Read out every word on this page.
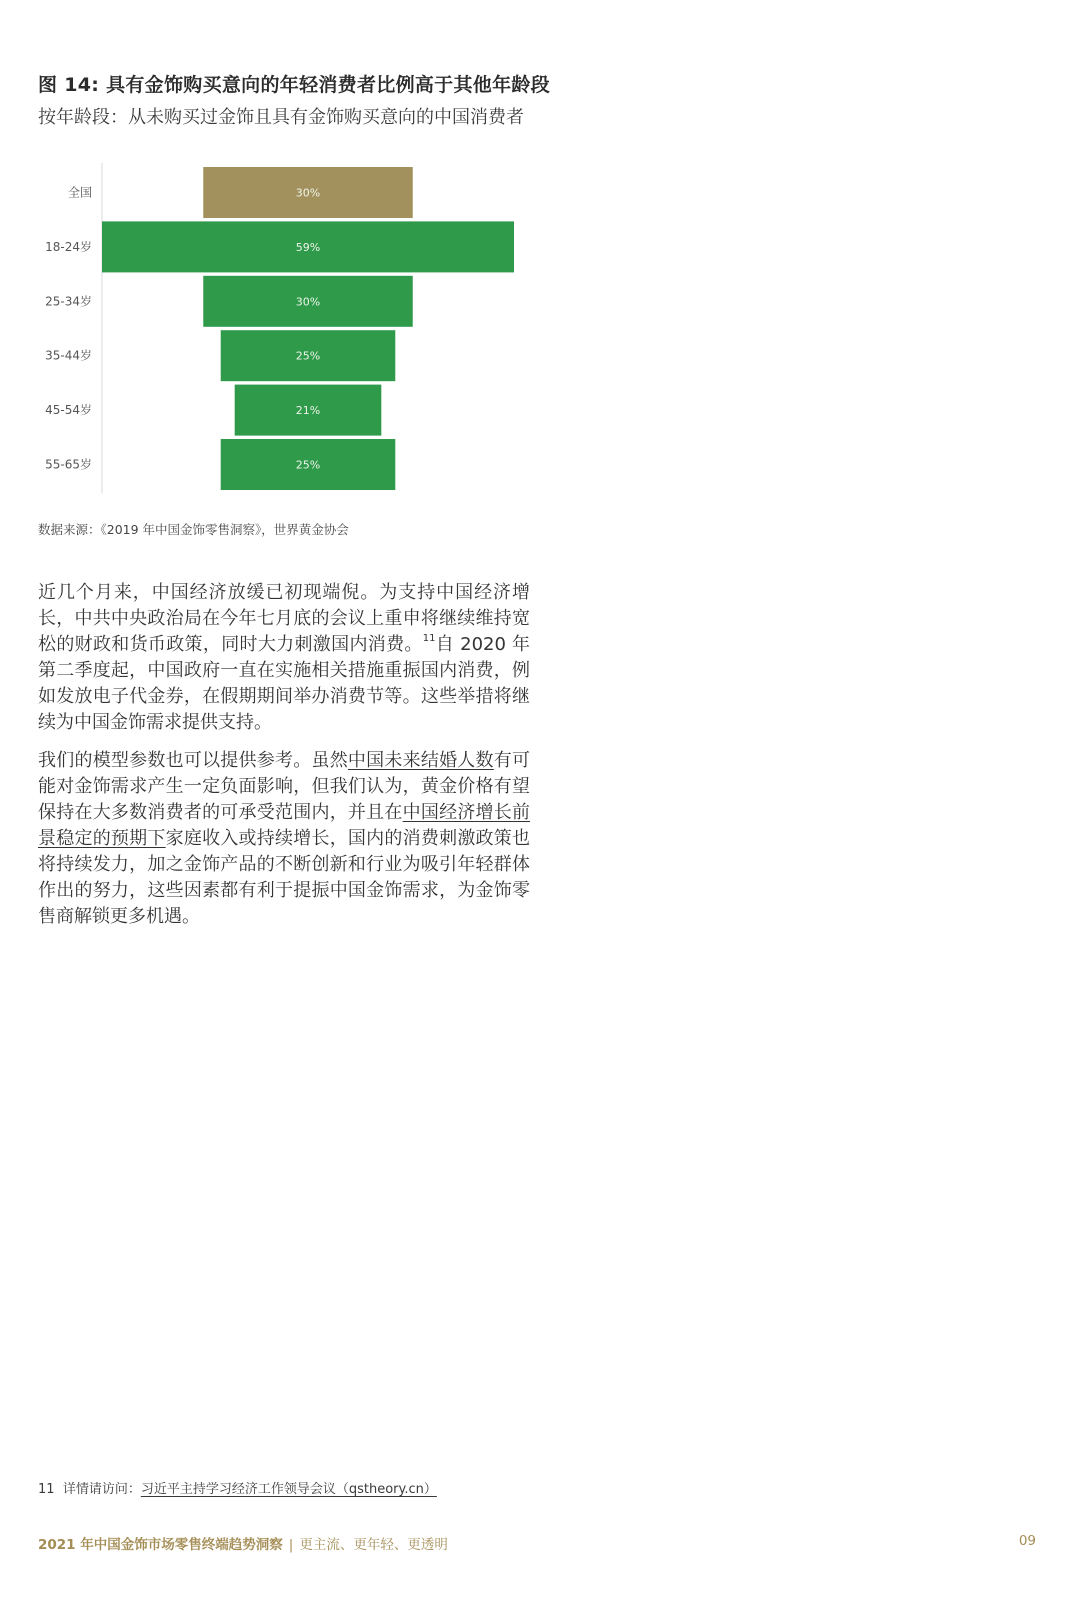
图 14: 具有金饰购买意向的年轻消费者比例高于其他年龄段
按年龄段：从未购买过金饰且具有金饰购买意向的中国消费者
30%
全国
59%
18-24岁
30%
25-34岁
25%
35-44岁
21%
45-54岁
25%
55-65岁
数据来源：《2019 年中国金饰零售洞察》，世界黄金协会

近几个月来，中国经济放缓已初现端倪。为支持中国经济增长，中共中央政治局在今年七月底的会议上重申将继续维持宽松的财政和货币政策，同时大力刺激国内消费。$^{11}$自 2020 年第二季度起，中国政府一直在实施相关措施重振国内消费，例如发放电子代金券，在假期期间举办消费节等。这些举措将继续为中国金饰需求提供支持。

我们的模型参数也可以提供参考。虽然中国未来结婚人数有可能对金饰需求产生一定负面影响，但我们认为，黄金价格有望保持在大多数消费者的可承受范围内，并且在中国经济增长前景稳定的预期下家庭收入或持续增长，国内的消费刺激政策也将持续发力，加之金饰产品的不断创新和行业为吸引年轻群体作出的努力，这些因素都有利于提振中国金饰需求，为金饰零售商解锁更多机遇。

11 详情请访问：习近平主持学习经济工作领导会议（qstheory.cn）
2021 年中国金饰市场零售终端趋势洞察 | 更主流、更年轻、更透明	09
